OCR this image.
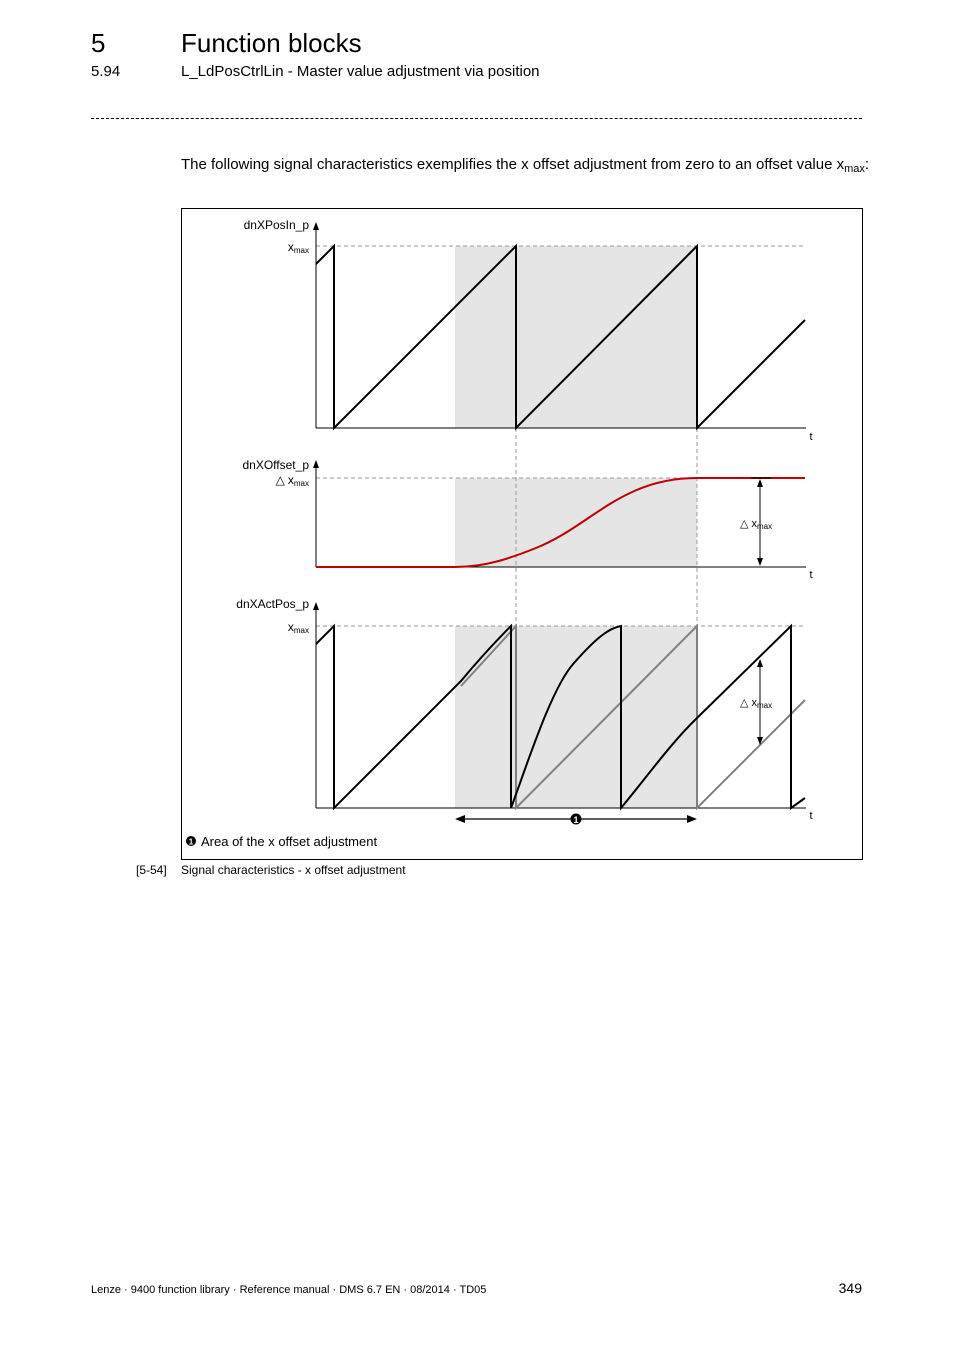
5	Function blocks
5.94	L_LdPosCtrlLin - Master value adjustment via position
The following signal characteristics exemplifies the x offset adjustment from zero to an offset value $x_{max}$:
1
dnXPosIn_p
xmax
t
dnXOffset_p
△ xmax
△ xmax
t
dnXActPos_p
xmax
△ xmax
t
1 Area of the x offset adjustment
[5-54] Signal characteristics - x offset adjustment
Lenze · 9400 function library · Reference manual · DMS 6.7 EN · 08/2014 · TD05	349
